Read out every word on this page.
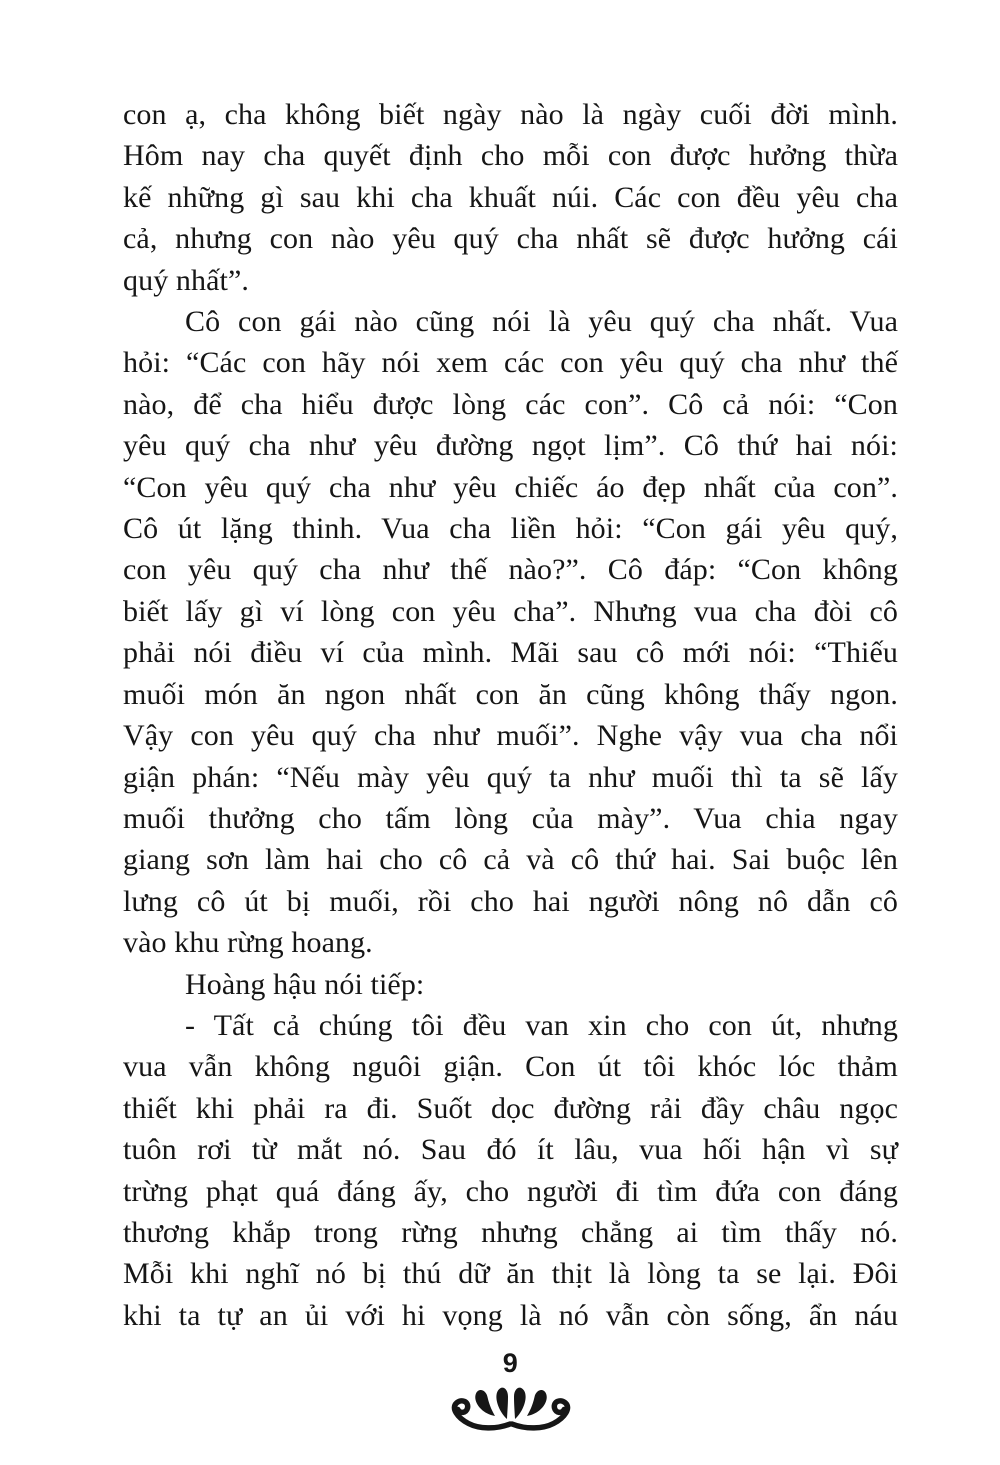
con ạ, cha không biết ngày nào là ngày cuối đời mình.
Hôm nay cha quyết định cho mỗi con được hưởng thừa
kế những gì sau khi cha khuất núi. Các con đều yêu cha
cả, nhưng con nào yêu quý cha nhất sẽ được hưởng cái
quý nhất”.
Cô con gái nào cũng nói là yêu quý cha nhất. Vua
hỏi: “Các con hãy nói xem các con yêu quý cha như thế
nào, để cha hiểu được lòng các con”. Cô cả nói: “Con
yêu quý cha như yêu đường ngọt lịm”. Cô thứ hai nói:
“Con yêu quý cha như yêu chiếc áo đẹp nhất của con”.
Cô út lặng thinh. Vua cha liền hỏi: “Con gái yêu quý,
con yêu quý cha như thế nào?”. Cô đáp: “Con không
biết lấy gì ví lòng con yêu cha”. Nhưng vua cha đòi cô
phải nói điều ví của mình. Mãi sau cô mới nói: “Thiếu
muối món ăn ngon nhất con ăn cũng không thấy ngon.
Vậy con yêu quý cha như muối”. Nghe vậy vua cha nổi
giận phán: “Nếu mày yêu quý ta như muối thì ta sẽ lấy
muối thưởng cho tấm lòng của mày”. Vua chia ngay
giang sơn làm hai cho cô cả và cô thứ hai. Sai buộc lên
lưng cô út bị muối, rồi cho hai người nông nô dẫn cô
vào khu rừng hoang.
Hoàng hậu nói tiếp:
- Tất cả chúng tôi đều van xin cho con út, nhưng
vua vẫn không nguôi giận. Con út tôi khóc lóc thảm
thiết khi phải ra đi. Suốt dọc đường rải đầy châu ngọc
tuôn rơi từ mắt nó. Sau đó ít lâu, vua hối hận vì sự
trừng phạt quá đáng ấy, cho người đi tìm đứa con đáng
thương khắp trong rừng nhưng chẳng ai tìm thấy nó.
Mỗi khi nghĩ nó bị thú dữ ăn thịt là lòng ta se lại. Đôi
khi ta tự an ủi với hi vọng là nó vẫn còn sống, ẩn náu
9
